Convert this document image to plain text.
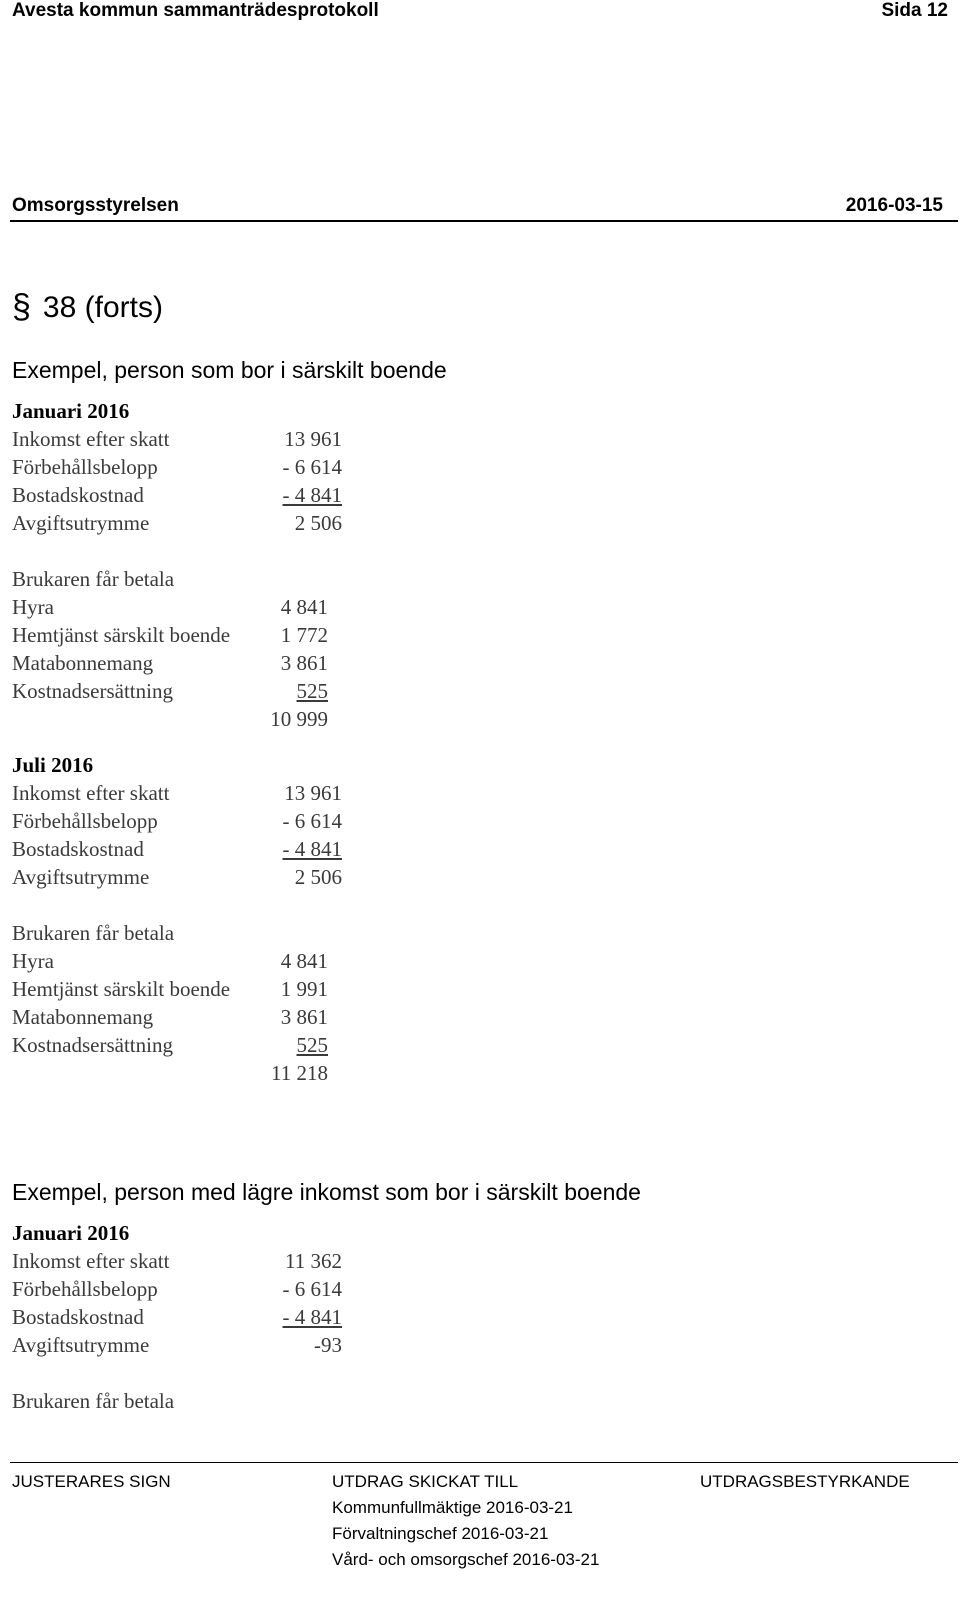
Avesta kommun sammanträdesprotokoll	Sida 12
Omsorgsstyrelsen	2016-03-15
§ 38 (forts)
Exempel, person som bor i särskilt boende
Januari 2016
Inkomst efter skatt	13 961
Förbehållsbelopp	- 6 614
Bostadskostnad	- 4 841
Avgiftsutrymme	2 506
Brukaren får betala
Hyra	4 841
Hemtjänst särskilt boende	1 772
Matabonnemang	3 861
Kostnadsersättning	525
10 999
Juli 2016
Inkomst efter skatt	13 961
Förbehållsbelopp	- 6 614
Bostadskostnad	- 4 841
Avgiftsutrymme	2 506
Brukaren får betala
Hyra	4 841
Hemtjänst särskilt boende	1 991
Matabonnemang	3 861
Kostnadsersättning	525
11 218
Exempel, person med lägre inkomst som bor i särskilt boende
Januari 2016
Inkomst efter skatt	11 362
Förbehållsbelopp	- 6 614
Bostadskostnad	- 4 841
Avgiftsutrymme	-93
Brukaren får betala
JUSTERARES SIGN	UTDRAG SKICKAT TILL	UTDRAGSBESTYRKANDE
Kommunfullmäktige 2016-03-21
Förvaltningschef 2016-03-21
Vård- och omsorgschef 2016-03-21
